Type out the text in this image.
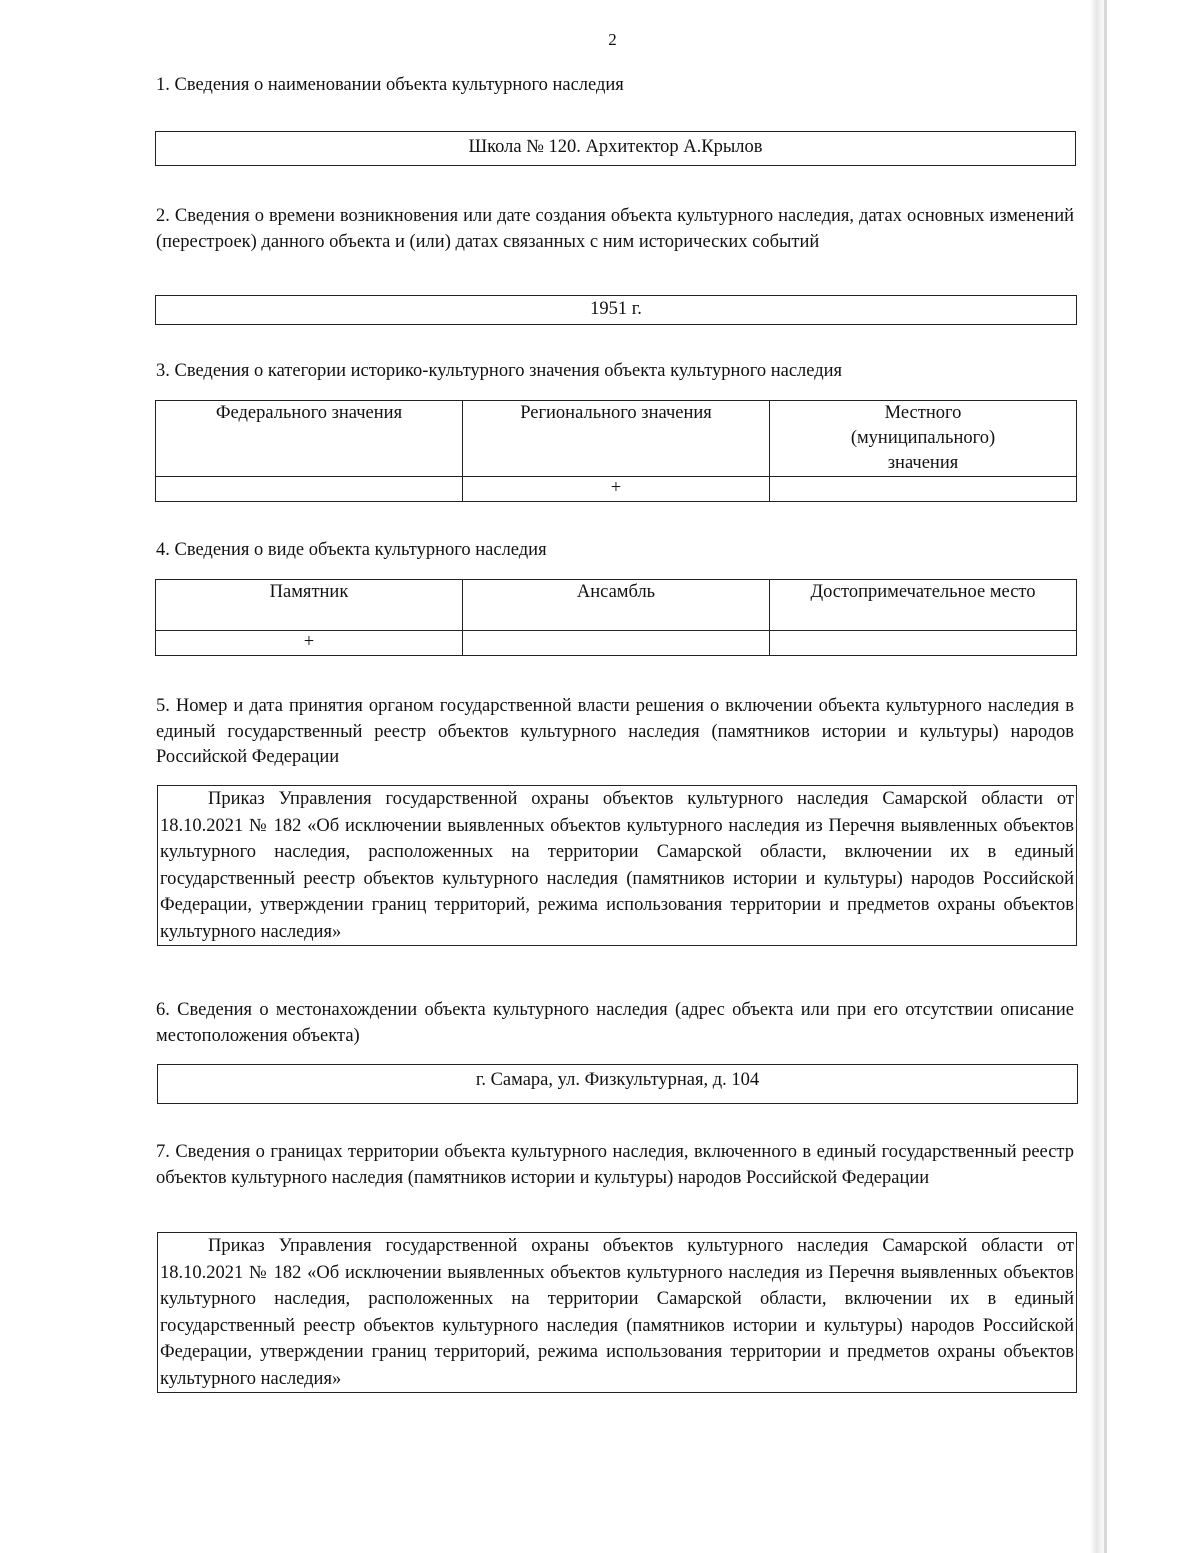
2
1. Сведения о наименовании объекта культурного наследия
Школа № 120. Архитектор А.Крылов
2. Сведения о времени возникновения или дате создания объекта культурного наследия, датах основных изменений (перестроек) данного объекта и (или) датах связанных с ним исторических событий
1951 г.
3. Сведения о категории историко-культурного значения объекта культурного наследия
Федерального значения	Регионального значения	Местного (муниципального) значения
	+	
4. Сведения о виде объекта культурного наследия
Памятник	Ансамбль	Достопримечательное место
+		
5. Номер и дата принятия органом государственной власти решения о включении объекта культурного наследия в единый государственный реестр объектов культурного наследия (памятников истории и культуры) народов Российской Федерации
Приказ Управления государственной охраны объектов культурного наследия Самарской области от 18.10.2021 № 182 «Об исключении выявленных объектов культурного наследия из Перечня выявленных объектов культурного наследия, расположенных на территории Самарской области, включении их в единый государственный реестр объектов культурного наследия (памятников истории и культуры) народов Российской Федерации, утверждении границ территорий, режима использования территории и предметов охраны объектов культурного наследия»
6. Сведения о местонахождении объекта культурного наследия (адрес объекта или при его отсутствии описание местоположения объекта)
г. Самара, ул. Физкультурная, д. 104
7. Сведения о границах территории объекта культурного наследия, включенного в единый государственный реестр объектов культурного наследия (памятников истории и культуры) народов Российской Федерации
Приказ Управления государственной охраны объектов культурного наследия Самарской области от 18.10.2021 № 182 «Об исключении выявленных объектов культурного наследия из Перечня выявленных объектов культурного наследия, расположенных на территории Самарской области, включении их в единый государственный реестр объектов культурного наследия (памятников истории и культуры) народов Российской Федерации, утверждении границ территорий, режима использования территории и предметов охраны объектов культурного наследия»
